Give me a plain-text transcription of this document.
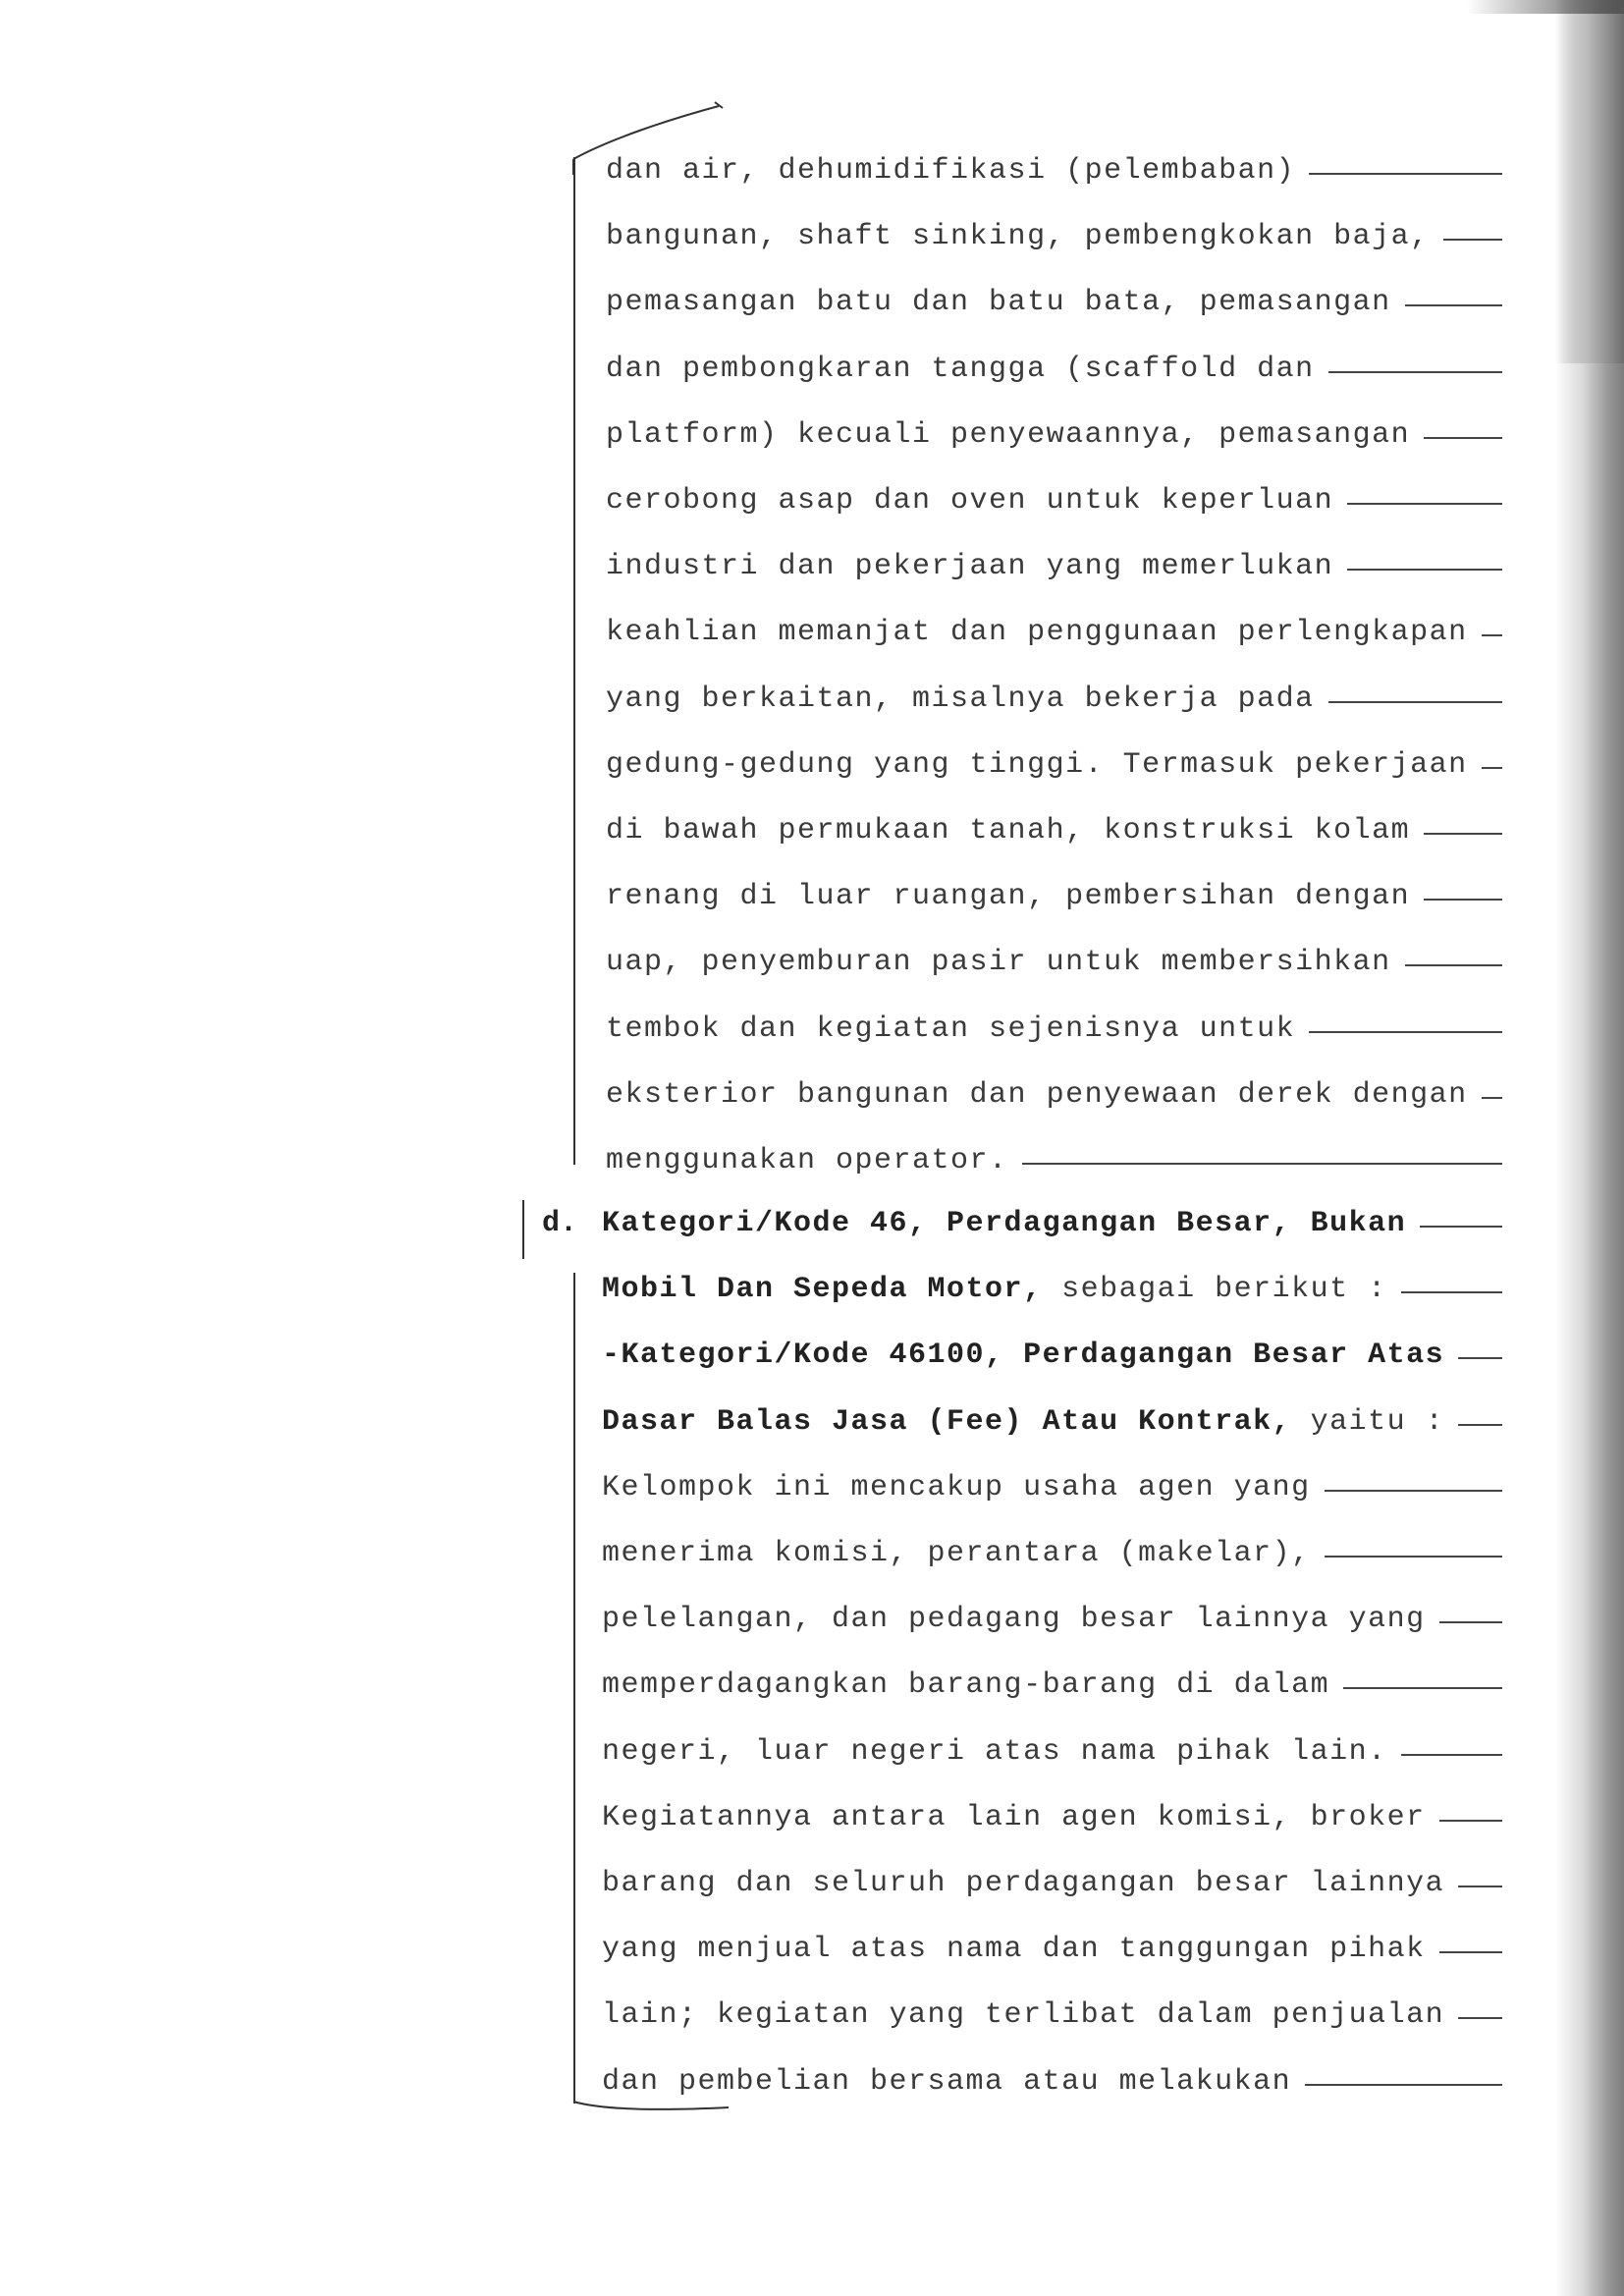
dan air, dehumidifikasi (pelembaban)
bangunan, shaft sinking, pembengkokan baja,
pemasangan batu dan batu bata, pemasangan
dan pembongkaran tangga (scaffold dan
platform) kecuali penyewaannya, pemasangan
cerobong asap dan oven untuk keperluan
industri dan pekerjaan yang memerlukan
keahlian memanjat dan penggunaan perlengkapan
yang berkaitan, misalnya bekerja pada
gedung-gedung yang tinggi. Termasuk pekerjaan
di bawah permukaan tanah, konstruksi kolam
renang di luar ruangan, pembersihan dengan
uap, penyemburan pasir untuk membersihkan
tembok dan kegiatan sejenisnya untuk
eksterior bangunan dan penyewaan derek dengan
menggunakan operator.
Kategori/Kode 46, Perdagangan Besar, Bukan
Mobil Dan Sepeda Motor, sebagai berikut :
-Kategori/Kode 46100, Perdagangan Besar Atas
Dasar Balas Jasa (Fee) Atau Kontrak, yaitu :
Kelompok ini mencakup usaha agen yang
menerima komisi, perantara (makelar),
pelelangan, dan pedagang besar lainnya yang
memperdagangkan barang-barang di dalam
negeri, luar negeri atas nama pihak lain.
Kegiatannya antara lain agen komisi, broker
barang dan seluruh perdagangan besar lainnya
yang menjual atas nama dan tanggungan pihak
lain; kegiatan yang terlibat dalam penjualan
dan pembelian bersama atau melakukan
d.
